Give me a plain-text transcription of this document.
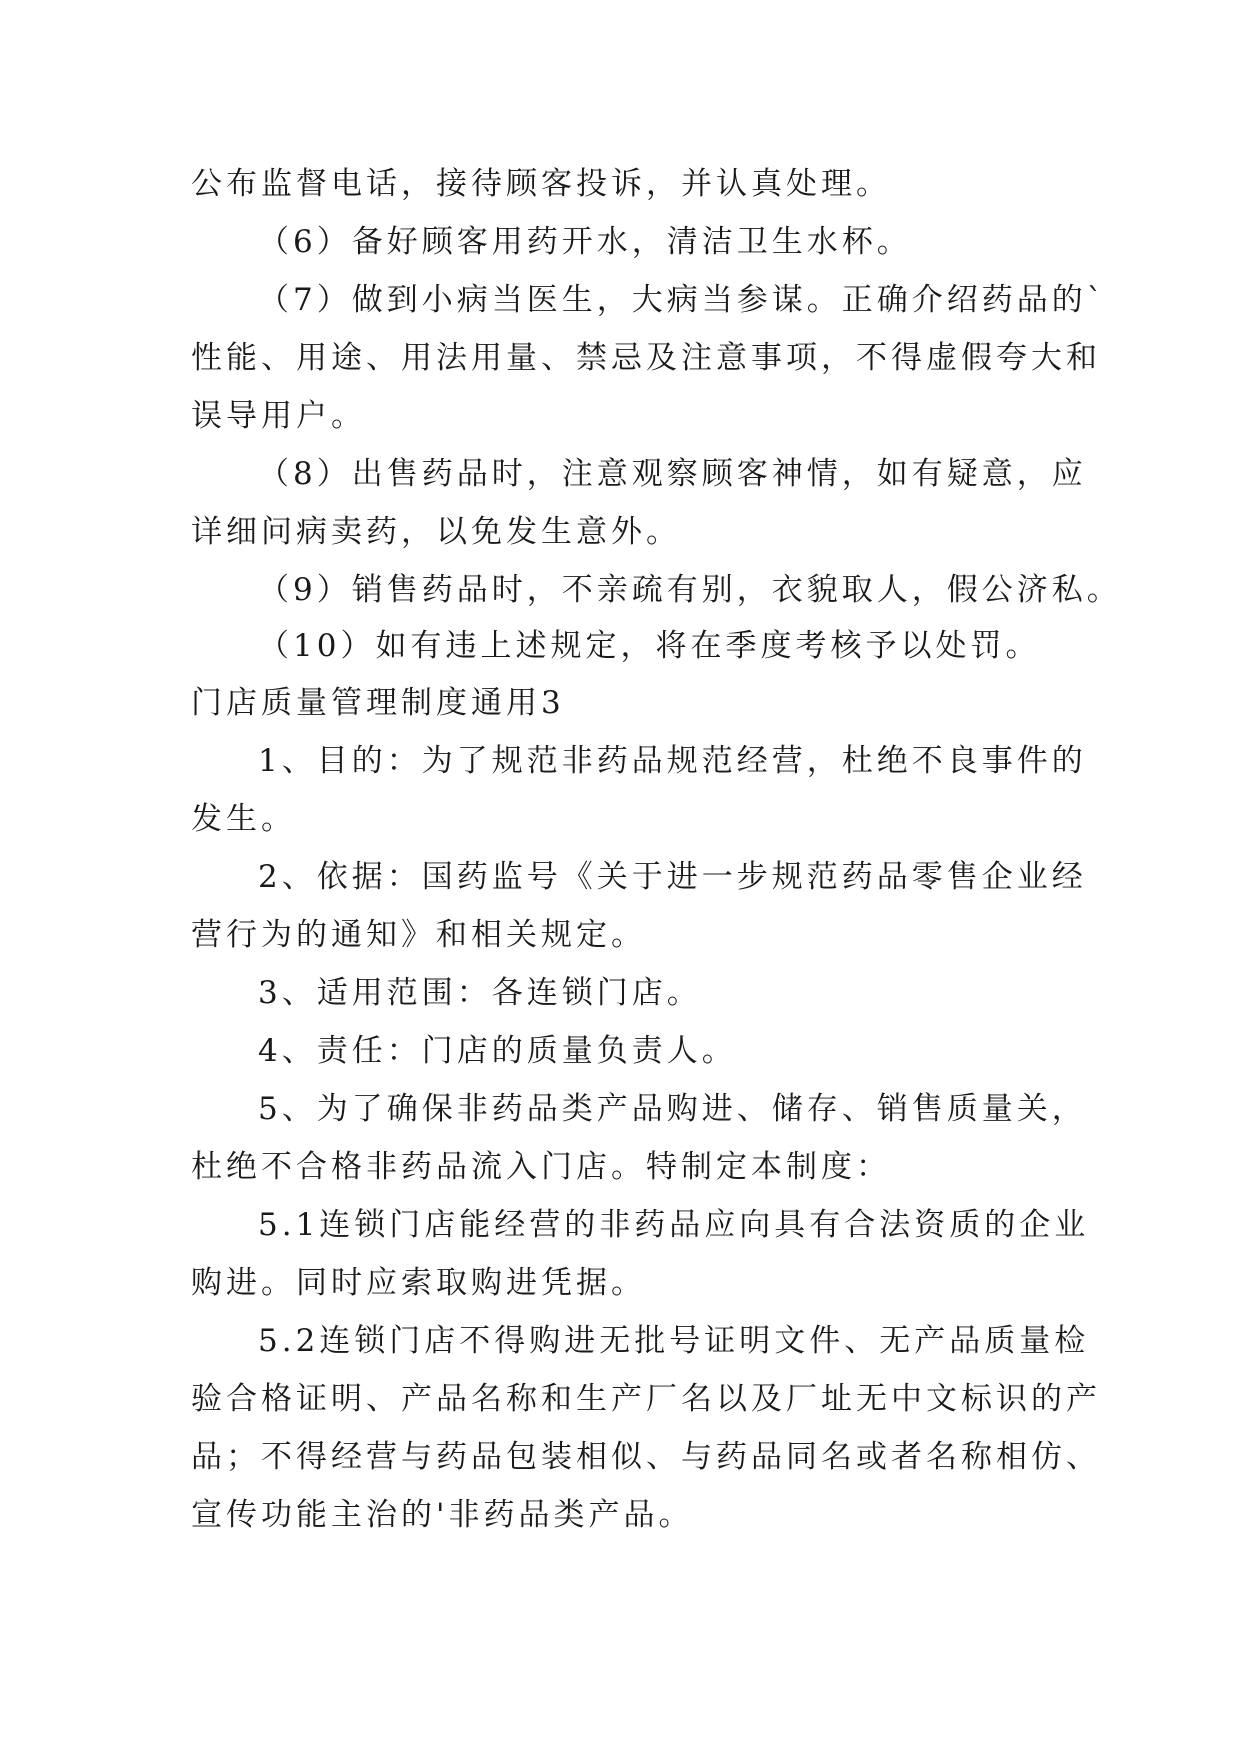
公布监督电话，接待顾客投诉，并认真处理。
（6）备好顾客用药开水，清洁卫生水杯。
（7）做到小病当医生，大病当参谋。正确介绍药品的`
性能、用途、用法用量、禁忌及注意事项，不得虚假夸大和
误导用户。
（8）出售药品时，注意观察顾客神情，如有疑意，应
详细问病卖药，以免发生意外。
（9）销售药品时，不亲疏有别，衣貌取人，假公济私。
（10）如有违上述规定，将在季度考核予以处罚。
门店质量管理制度通用3
1、目的：为了规范非药品规范经营，杜绝不良事件的
发生。
2、依据：国药监号《关于进一步规范药品零售企业经
营行为的通知》和相关规定。
3、适用范围：各连锁门店。
4、责任：门店的质量负责人。
5、为了确保非药品类产品购进、储存、销售质量关，
杜绝不合格非药品流入门店。特制定本制度：
5.1连锁门店能经营的非药品应向具有合法资质的企业
购进。同时应索取购进凭据。
5.2连锁门店不得购进无批号证明文件、无产品质量检
验合格证明、产品名称和生产厂名以及厂址无中文标识的产
品；不得经营与药品包装相似、与药品同名或者名称相仿、
宣传功能主治的'非药品类产品。
